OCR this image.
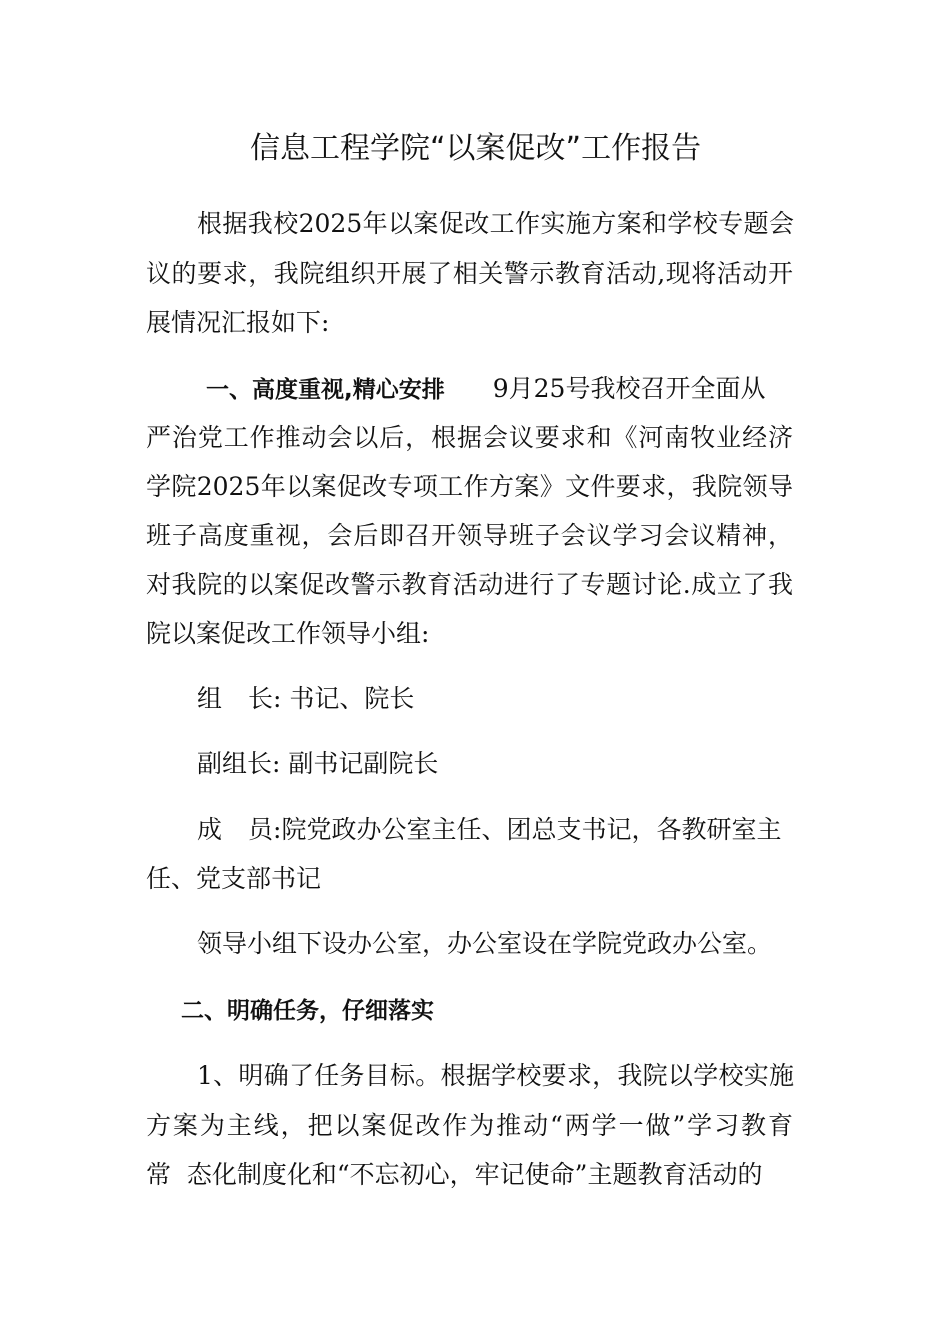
信息工程学院“以案促改”工作报告

根据我校2025年以案促改工作实施方案和学校专题会

议的要求，我院组织开展了相关警示教育活动,现将活动开

展情况汇报如下:

一、高度重视,精心安排 9月25号我校召开全面从

严治党工作推动会以后，根据会议要求和《河南牧业经济

学院2025年以案促改专项工作方案》文件要求，我院领导

班子高度重视，会后即召开领导班子会议学习会议精神，

对我院的以案促改警示教育活动进行了专题讨论.成立了我

院以案促改工作领导小组:

组 长: 书记、院长

副组长: 副书记副院长

成 员:院党政办公室主任、团总支书记，各教研室主

任、党支部书记

领导小组下设办公室，办公室设在学院党政办公室。

二、明确任务，仔细落实

1、明确了任务目标。根据学校要求，我院以学校实施

方案为主线，把以案促改作为推动“两学一做”学习教育

常  态化制度化和“不忘初心，牢记使命”主题教育活动的
